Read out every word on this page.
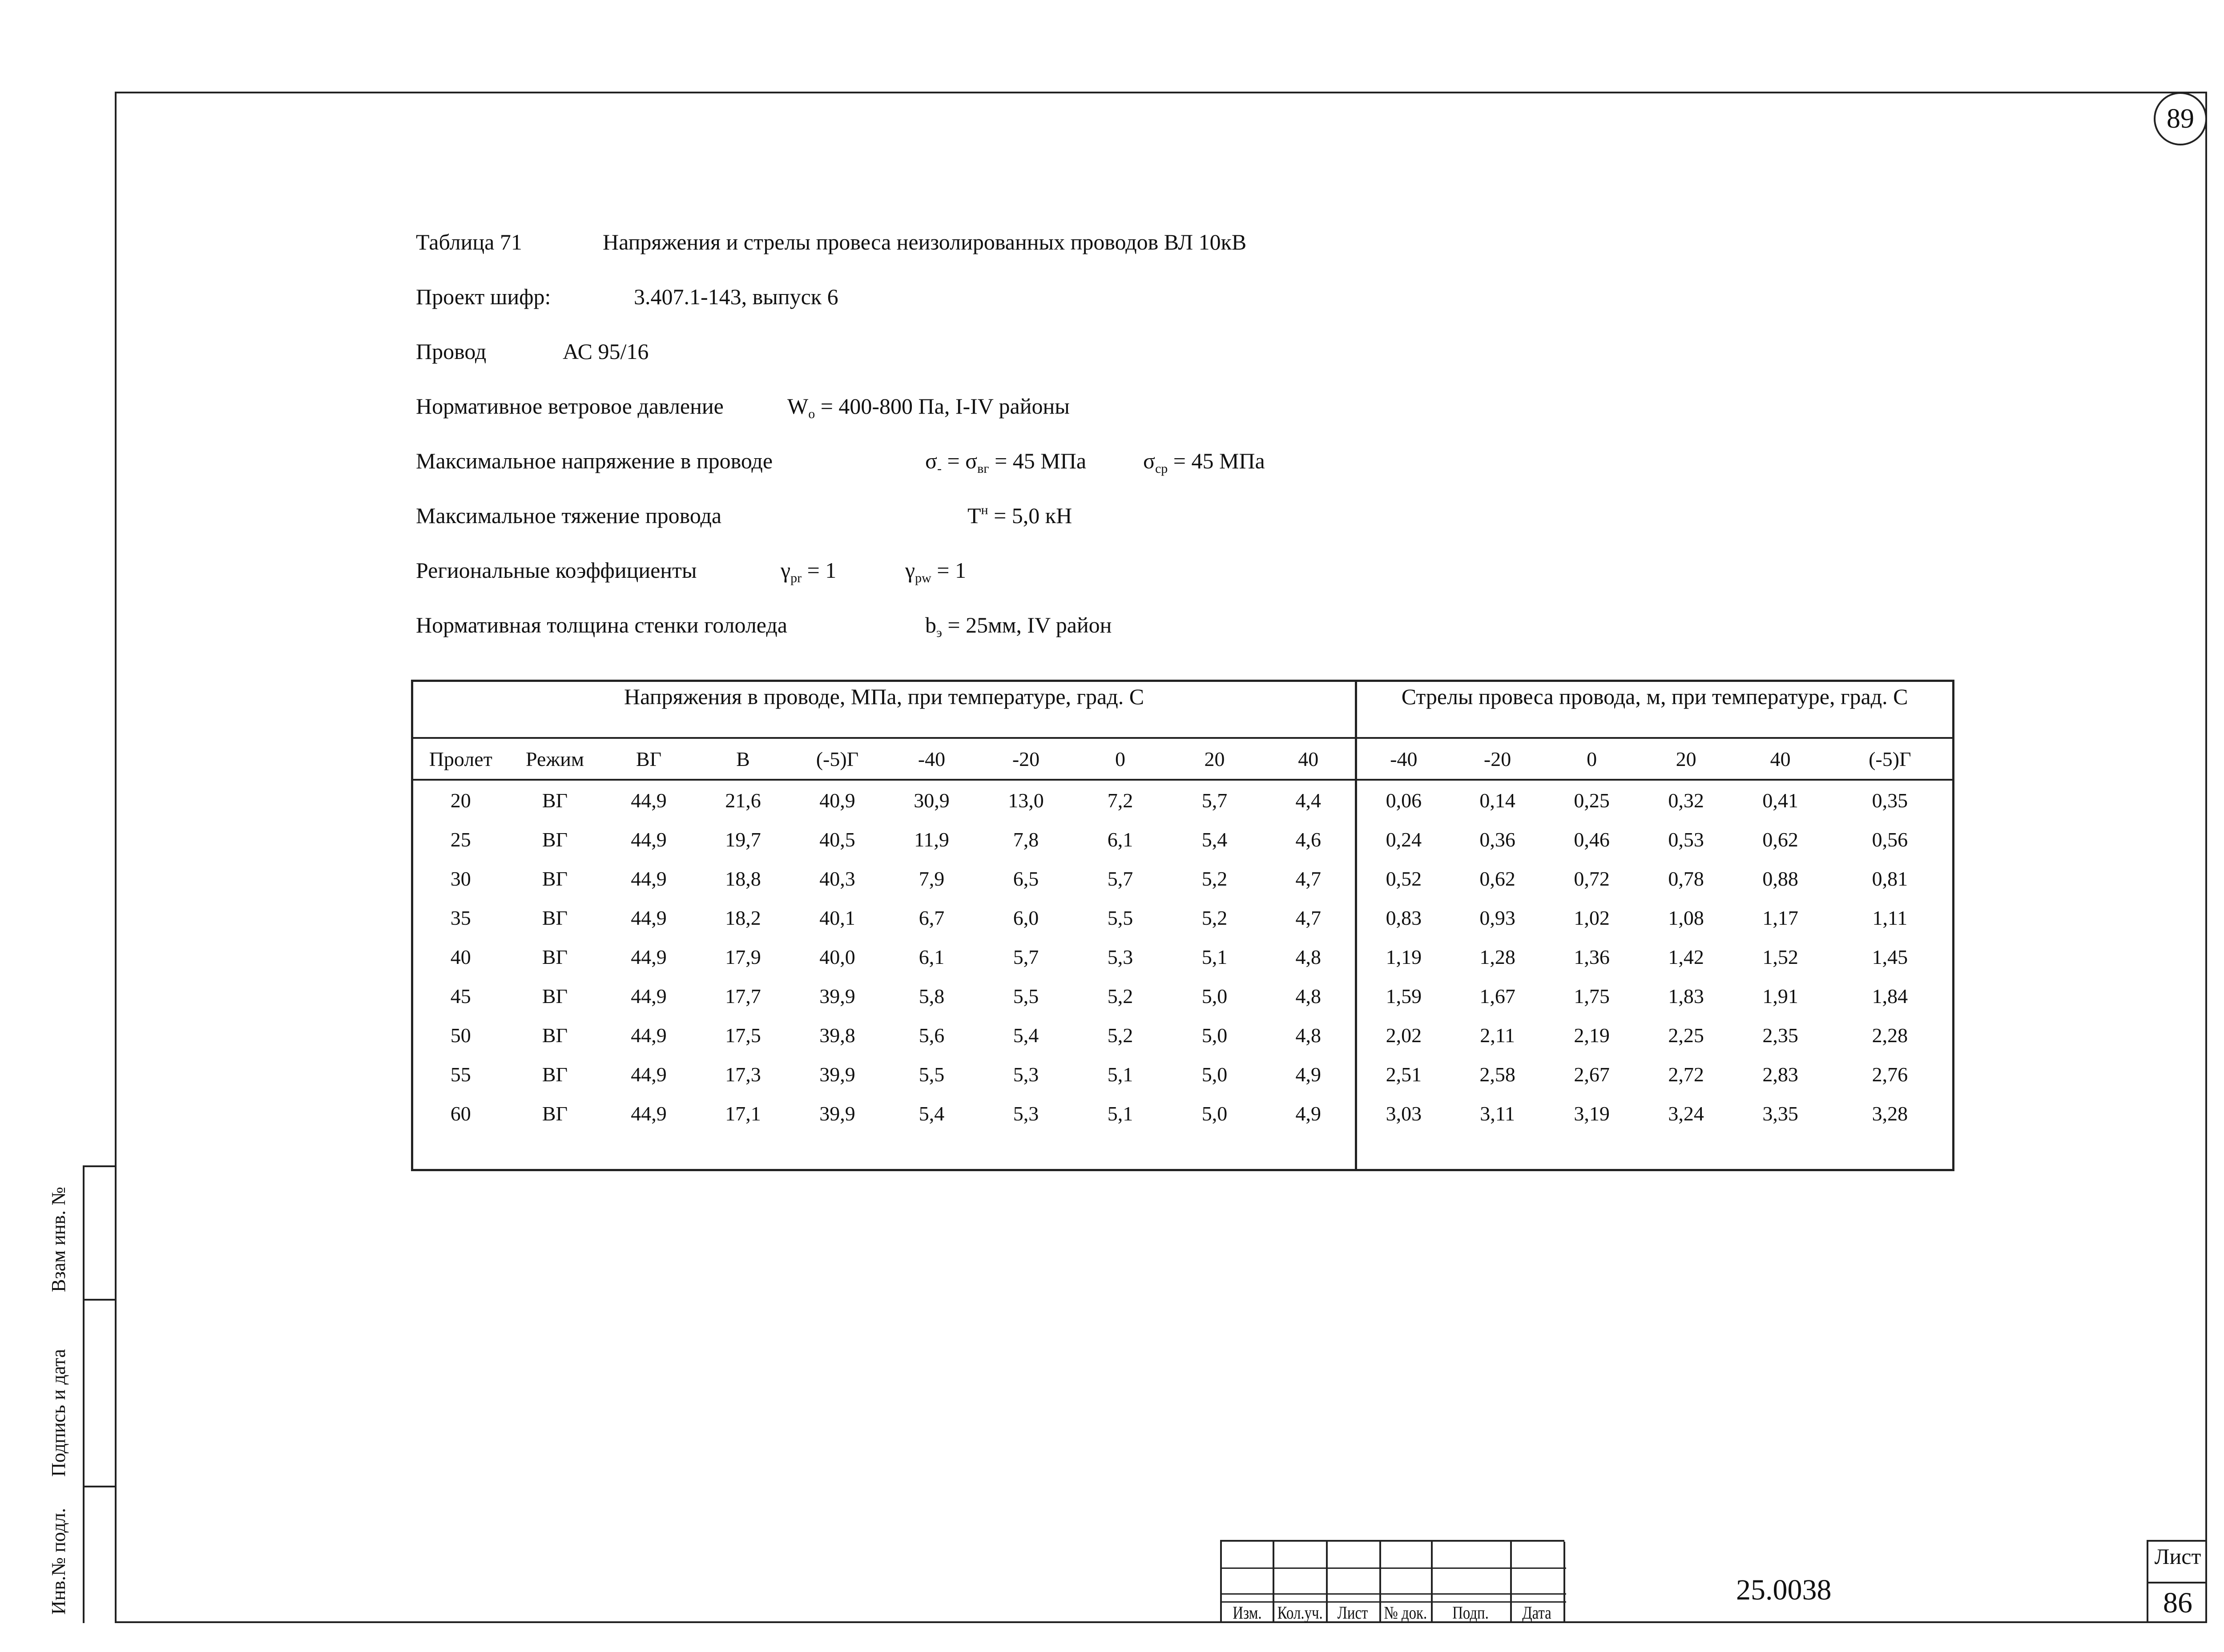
89
Таблица 71	Напряжения и стрелы провеса неизолированных проводов ВЛ 10кВ
Проект шифр:	3.407.1-143, выпуск 6
Провод	АС 95/16
Нормативное ветровое давление	$W_o = 400-800$ Па, I-IV районы
Максимальное напряжение в проводе	$\sigma_- = \sigma_{вг} = 45$ МПа	$\sigma_{ср} = 45$ МПа
Максимальное тяжение провода	$Т^н = 5,0$ кН
Региональные коэффициенты	$\gamma_{pr} = 1$	$\gamma_{pw} = 1$
Нормативная толщина стенки гололеда	$b_э = 25мм$, IV район
Напряжения в проводе, МПа, при температуре, град. С										Стрелы провеса провода, м, при температуре, град. С					
Пролет	Режим	ВГ	В	(-5)Г	-40	-20	0	20	40	-40	-20	0	20	40	(-5)Г
20	ВГ	44,9	21,6	40,9	30,9	13,0	7,2	5,7	4,4	0,06	0,14	0,25	0,32	0,41	0,35
25	ВГ	44,9	19,7	40,5	11,9	7,8	6,1	5,4	4,6	0,24	0,36	0,46	0,53	0,62	0,56
30	ВГ	44,9	18,8	40,3	7,9	6,5	5,7	5,2	4,7	0,52	0,62	0,72	0,78	0,88	0,81
35	ВГ	44,9	18,2	40,1	6,7	6,0	5,5	5,2	4,7	0,83	0,93	1,02	1,08	1,17	1,11
40	ВГ	44,9	17,9	40,0	6,1	5,7	5,3	5,1	4,8	1,19	1,28	1,36	1,42	1,52	1,45
45	ВГ	44,9	17,7	39,9	5,8	5,5	5,2	5,0	4,8	1,59	1,67	1,75	1,83	1,91	1,84
50	ВГ	44,9	17,5	39,8	5,6	5,4	5,2	5,0	4,8	2,02	2,11	2,19	2,25	2,35	2,28
55	ВГ	44,9	17,3	39,9	5,5	5,3	5,1	5,0	4,9	2,51	2,58	2,67	2,72	2,83	2,76
60	ВГ	44,9	17,1	39,9	5,4	5,3	5,1	5,0	4,9	3,03	3,11	3,19	3,24	3,35	3,28

Взам инв. №
Подпись и дата
Инв.№ подл.	Изм. Кол.уч. Лист № док.	Подп.	Дата
25.0038
Лист
86
